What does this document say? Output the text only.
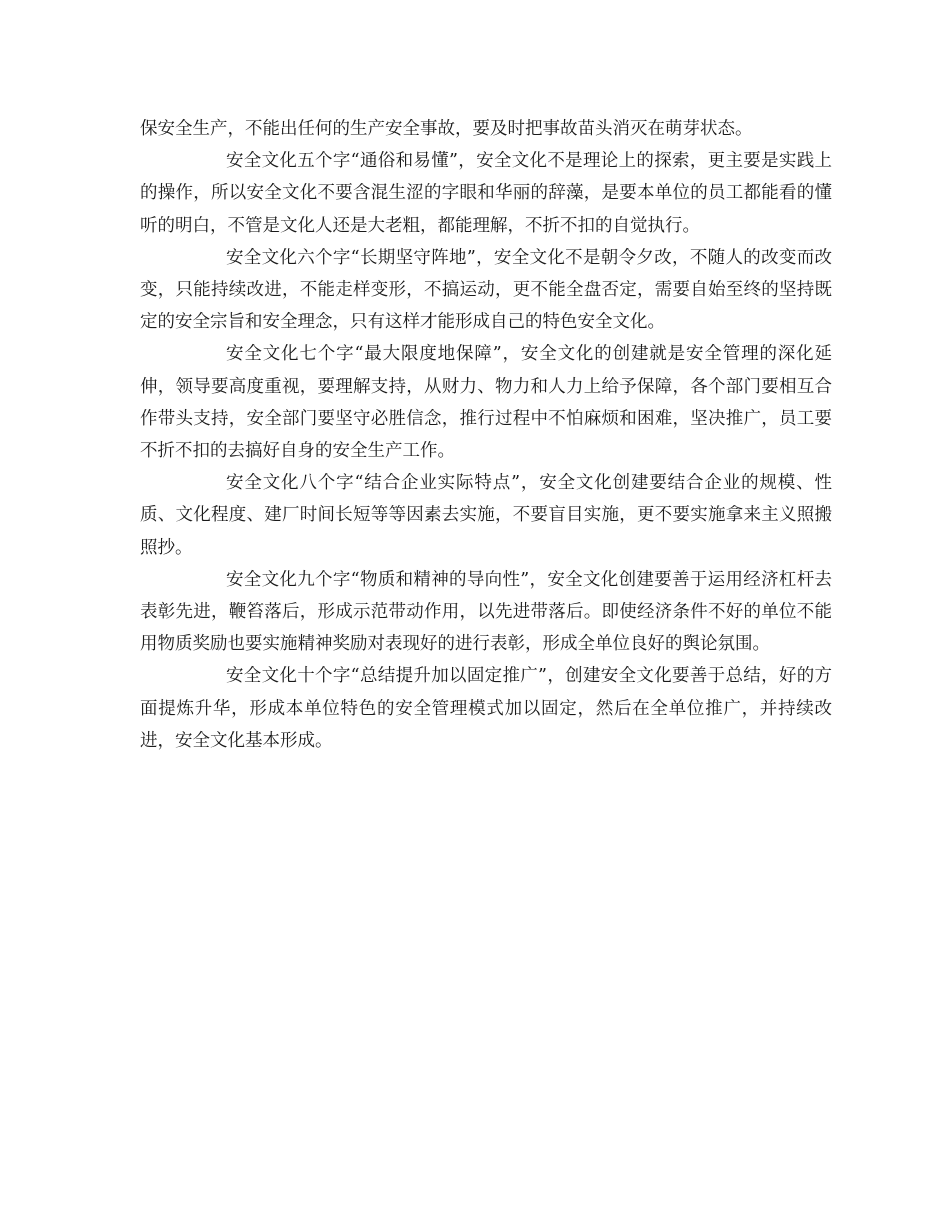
保安全生产，不能出任何的生产安全事故，要及时把事故苗头消灭在萌芽状态。

安全文化五个字“通俗和易懂”，安全文化不是理论上的探索，更主要是实践上的操作，所以安全文化不要含混生涩的字眼和华丽的辞藻，是要本单位的员工都能看的懂听的明白，不管是文化人还是大老粗，都能理解，不折不扣的自觉执行。

安全文化六个字“长期坚守阵地”，安全文化不是朝令夕改，不随人的改变而改变，只能持续改进，不能走样变形，不搞运动，更不能全盘否定，需要自始至终的坚持既定的安全宗旨和安全理念，只有这样才能形成自己的特色安全文化。

安全文化七个字“最大限度地保障”，安全文化的创建就是安全管理的深化延伸，领导要高度重视，要理解支持，从财力、物力和人力上给予保障，各个部门要相互合作带头支持，安全部门要坚守必胜信念，推行过程中不怕麻烦和困难，坚决推广，员工要不折不扣的去搞好自身的安全生产工作。

安全文化八个字“结合企业实际特点”，安全文化创建要结合企业的规模、性质、文化程度、建厂时间长短等等因素去实施，不要盲目实施，更不要实施拿来主义照搬照抄。

安全文化九个字“物质和精神的导向性”，安全文化创建要善于运用经济杠杆去表彰先进，鞭笞落后，形成示范带动作用，以先进带落后。即使经济条件不好的单位不能用物质奖励也要实施精神奖励对表现好的进行表彰，形成全单位良好的舆论氛围。

安全文化十个字“总结提升加以固定推广”，创建安全文化要善于总结，好的方面提炼升华，形成本单位特色的安全管理模式加以固定，然后在全单位推广，并持续改进，安全文化基本形成。
